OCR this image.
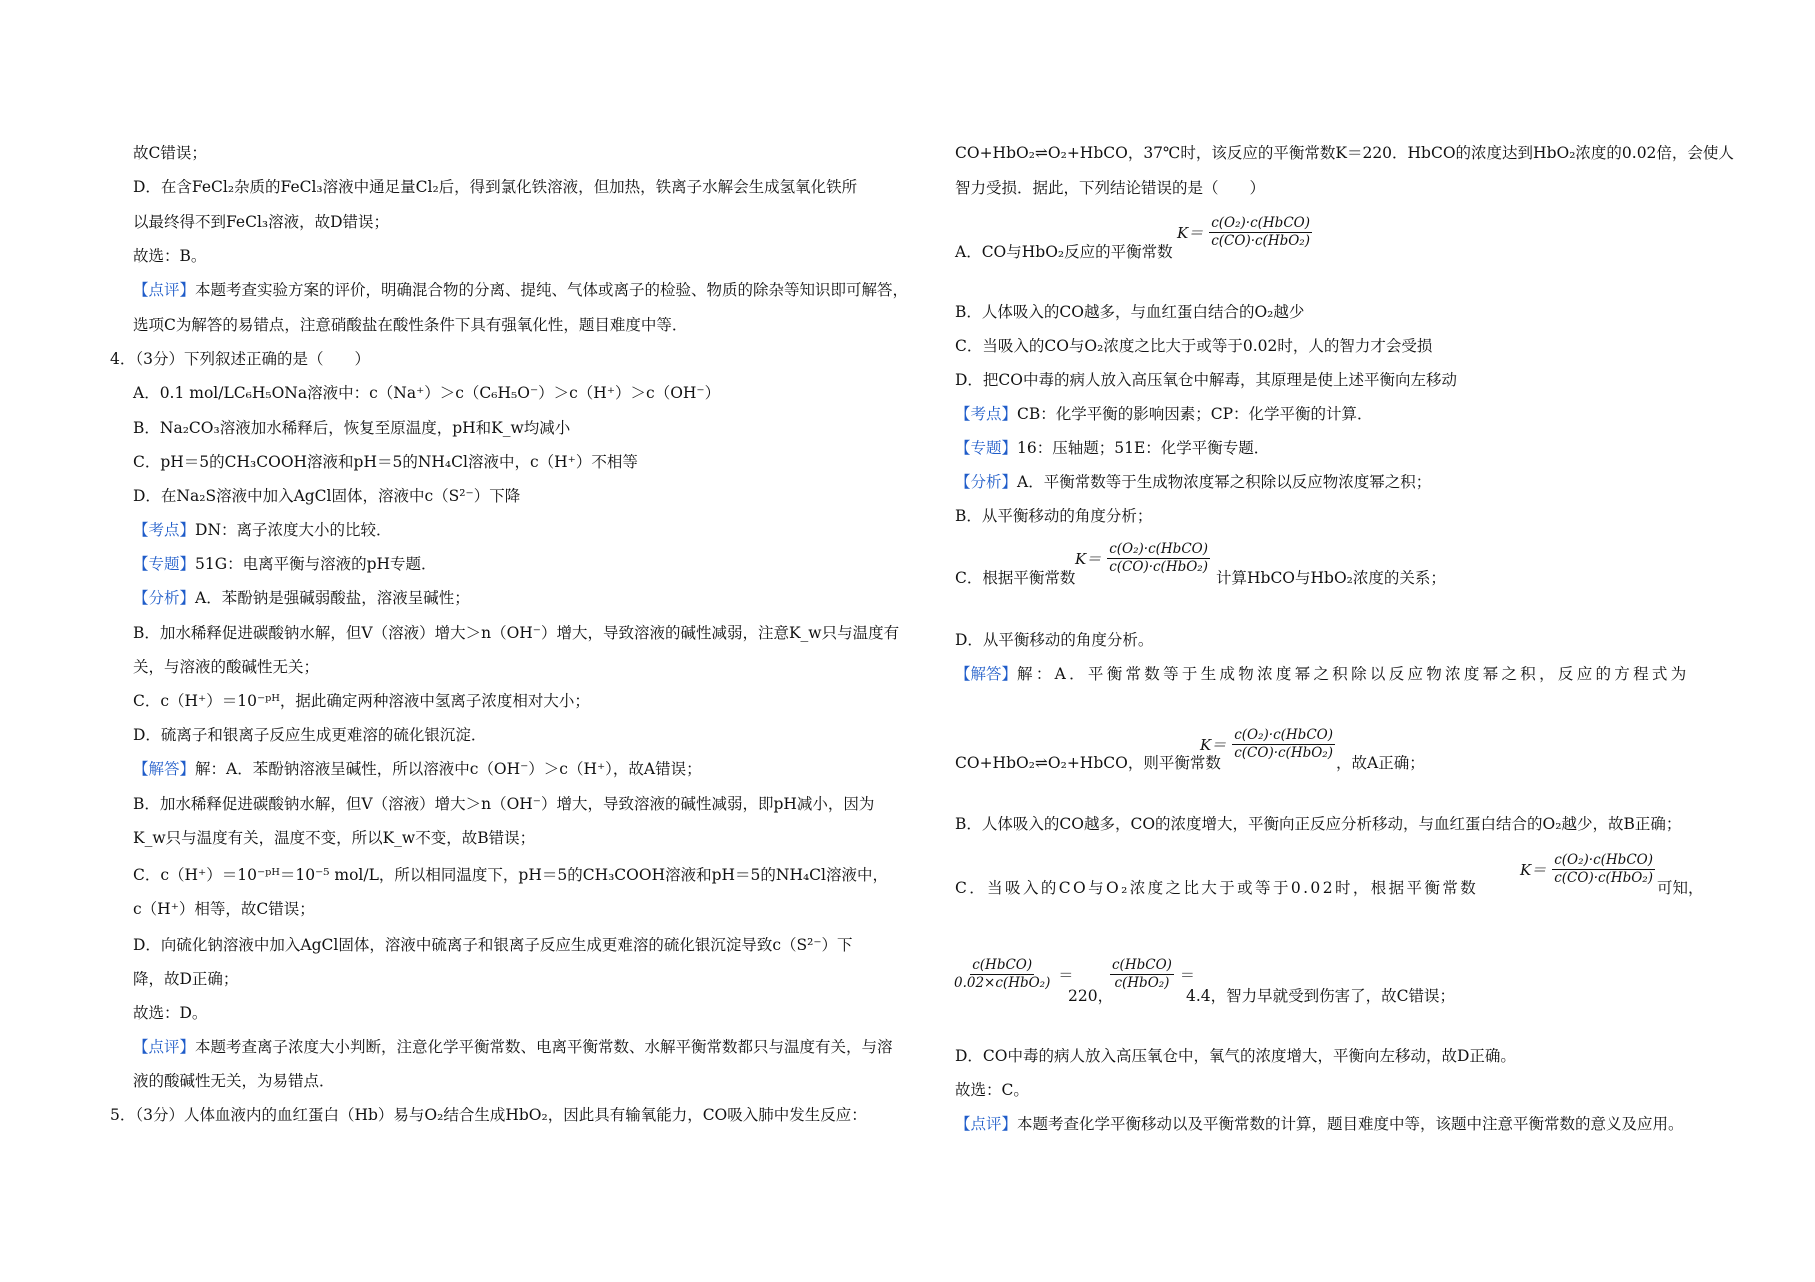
故C错误；
D．在含FeCl₂杂质的FeCl₃溶液中通足量Cl₂后，得到氯化铁溶液，但加热，铁离子水解会生成氢氧化铁所
以最终得不到FeCl₃溶液，故D错误；
故选：B。
【点评】本题考查实验方案的评价，明确混合物的分离、提纯、气体或离子的检验、物质的除杂等知识即可解答，
选项C为解答的易错点，注意硝酸盐在酸性条件下具有强氧化性，题目难度中等．
4．（3分）下列叙述正确的是（　　）
A．0.1 mol/LC₆H₅ONa溶液中：c（Na⁺）＞c（C₆H₅O⁻）＞c（H⁺）＞c（OH⁻）
B．Na₂CO₃溶液加水稀释后，恢复至原温度，pH和K_w均减小
C．pH＝5的CH₃COOH溶液和pH＝5的NH₄Cl溶液中，c（H⁺）不相等
D．在Na₂S溶液中加入AgCl固体，溶液中c（S²⁻）下降
【考点】DN：离子浓度大小的比较．
【专题】51G：电离平衡与溶液的pH专题．
【分析】A．苯酚钠是强碱弱酸盐，溶液呈碱性；
B．加水稀释促进碳酸钠水解，但V（溶液）增大＞n（OH⁻）增大，导致溶液的碱性减弱，注意K_w只与温度有
关，与溶液的酸碱性无关；
C．c（H⁺）＝10⁻ᵖᴴ，据此确定两种溶液中氢离子浓度相对大小；
D．硫离子和银离子反应生成更难溶的硫化银沉淀．
【解答】解：A．苯酚钠溶液呈碱性，所以溶液中c（OH⁻）＞c（H⁺），故A错误；
B．加水稀释促进碳酸钠水解，但V（溶液）增大＞n（OH⁻）增大，导致溶液的碱性减弱，即pH减小，因为
K_w只与温度有关，温度不变，所以K_w不变，故B错误；
C．c（H⁺）＝10⁻ᵖᴴ＝10⁻⁵ mol/L，所以相同温度下，pH＝5的CH₃COOH溶液和pH＝5的NH₄Cl溶液中，
c（H⁺）相等，故C错误；
D．向硫化钠溶液中加入AgCl固体，溶液中硫离子和银离子反应生成更难溶的硫化银沉淀导致c（S²⁻）下
降，故D正确；
故选：D。
【点评】本题考查离子浓度大小判断，注意化学平衡常数、电离平衡常数、水解平衡常数都只与温度有关，与溶
液的酸碱性无关，为易错点．
5．（3分）人体血液内的血红蛋白（Hb）易与O₂结合生成HbO₂，因此具有输氧能力，CO吸入肺中发生反应：
CO+HbO₂⇌O₂+HbCO，37℃时，该反应的平衡常数K＝220．HbCO的浓度达到HbO₂浓度的0.02倍，会使人
智力受损．据此，下列结论错误的是（　　）
A．CO与HbO₂反应的平衡常数
$K= \frac{\text{c(O₂)·c(HbCO)}}{\text{c(CO)·c(HbO₂)}}$
B．人体吸入的CO越多，与血红蛋白结合的O₂越少
C．当吸入的CO与O₂浓度之比大于或等于0.02时，人的智力才会受损
D．把CO中毒的病人放入高压氧仓中解毒，其原理是使上述平衡向左移动
【考点】CB：化学平衡的影响因素；CP：化学平衡的计算．
【专题】16：压轴题；51E：化学平衡专题．
【分析】A．平衡常数等于生成物浓度幂之积除以反应物浓度幂之积；
B．从平衡移动的角度分析；
C．根据平衡常数
$K= \frac{\text{c(O₂)·c(HbCO)}}{\text{c(CO)·c(HbO₂)}}$
计算HbCO与HbO₂浓度的关系；
D．从平衡移动的角度分析。
【解答】解：A．平衡常数等于生成物浓度幂之积除以反应物浓度幂之积，反应的方程式为
CO+HbO₂⇌O₂+HbCO，则平衡常数
$K= \frac{\text{c(O₂)·c(HbCO)}}{\text{c(CO)·c(HbO₂)}}$
，故A正确；
B．人体吸入的CO越多，CO的浓度增大，平衡向正反应分析移动，与血红蛋白结合的O₂越少，故B正确；
C．当吸入的CO与O₂浓度之比大于或等于0.02时，根据平衡常数
$K= \frac{\text{c(O₂)·c(HbCO)}}{\text{c(CO)·c(HbO₂)}}$
可知，
$\frac{\text{c(HbCO)}}{\text{0.02×c(HbO₂)}}$ ＝
220，
$\frac{\text{c(HbCO)}}{\text{c(HbO₂)}}$ ＝
4.4，智力早就受到伤害了，故C错误；
D．CO中毒的病人放入高压氧仓中，氧气的浓度增大，平衡向左移动，故D正确。
故选：C。
【点评】本题考查化学平衡移动以及平衡常数的计算，题目难度中等，该题中注意平衡常数的意义及应用。
